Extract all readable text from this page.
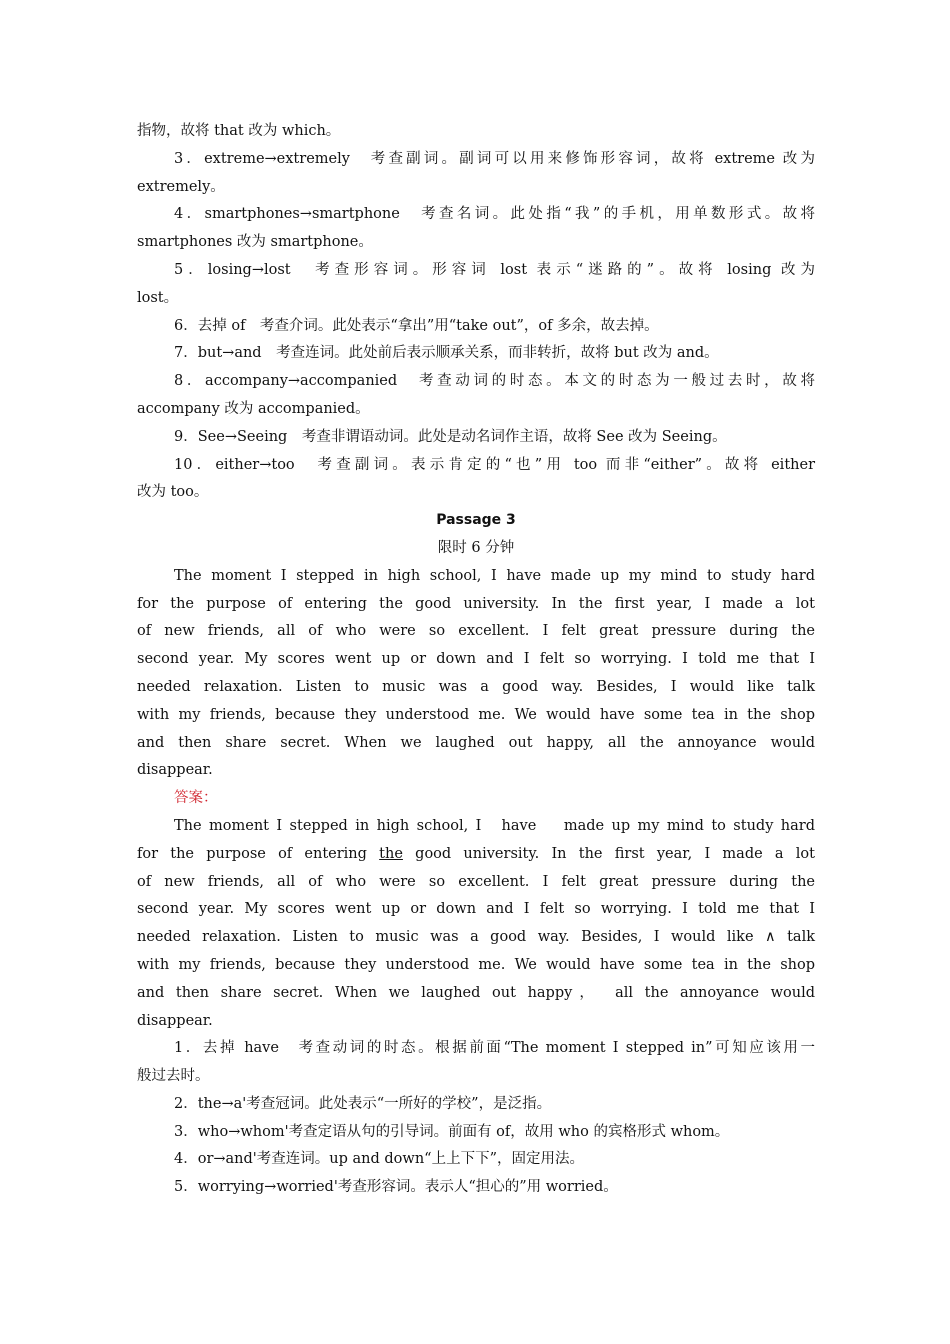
指物，故将 that 改为 which。
3．extreme→extremely　考查副词。副词可以用来修饰形容词，故将 extreme 改为
extremely。
4．smartphones→smartphone　考查名词。此处指“我”的手机，用单数形式。故将
smartphones 改为 smartphone。
5．losing→lost　考查形容词。形容词 lost 表示“迷路的”。故将 losing 改为
lost。
6．去掉 of　考查介词。此处表示“拿出”用“take out”，of 多余，故去掉。
7．but→and　考查连词。此处前后表示顺承关系，而非转折，故将 but 改为 and。
8．accompany→accompanied　考查动词的时态。本文的时态为一般过去时，故将
accompany 改为 accompanied。
9．See→Seeing　考查非谓语动词。此处是动名词作主语，故将 See 改为 Seeing。
10．either→too　考查副词。表示肯定的“也”用 too 而非“either”。故将 either
改为 too。
Passage 3
限时 6 分钟
The moment I stepped in high school, I have made up my mind to study hard
for the purpose of entering the good university. In the first year, I made a lot
of new friends, all of who were so excellent. I felt great pressure during the
second year. My scores went up or down and I felt so worrying. I told me that I
needed relaxation. Listen to music was a good way. Besides, I would like talk
with my friends, because they understood me. We would have some tea in the shop
and then share secret. When we laughed out happy, all the annoyance would
disappear.
答案：
The moment I stepped in high school, I　have　 made up my mind to study hard
for the purpose of entering the good university. In the first year, I made a lot
of new friends, all of who were so excellent. I felt great pressure during the
second year. My scores went up or down and I felt so worrying. I told me that I
needed relaxation. Listen to music was a good way. Besides, I would like ∧ talk
with my friends, because they understood me. We would have some tea in the shop
and then share secret. When we laughed out happy，　all the annoyance would
disappear.
1．去掉 have　考查动词的时态。根据前面“The moment I stepped in”可知应该用一
般过去时。
2．the→a'考查冠词。此处表示“一所好的学校”，是泛指。
3．who→whom'考查定语从句的引导词。前面有 of，故用 who 的宾格形式 whom。
4．or→and'考查连词。up and down“上上下下”，固定用法。
5．worrying→worried'考查形容词。表示人“担心的”用 worried。
